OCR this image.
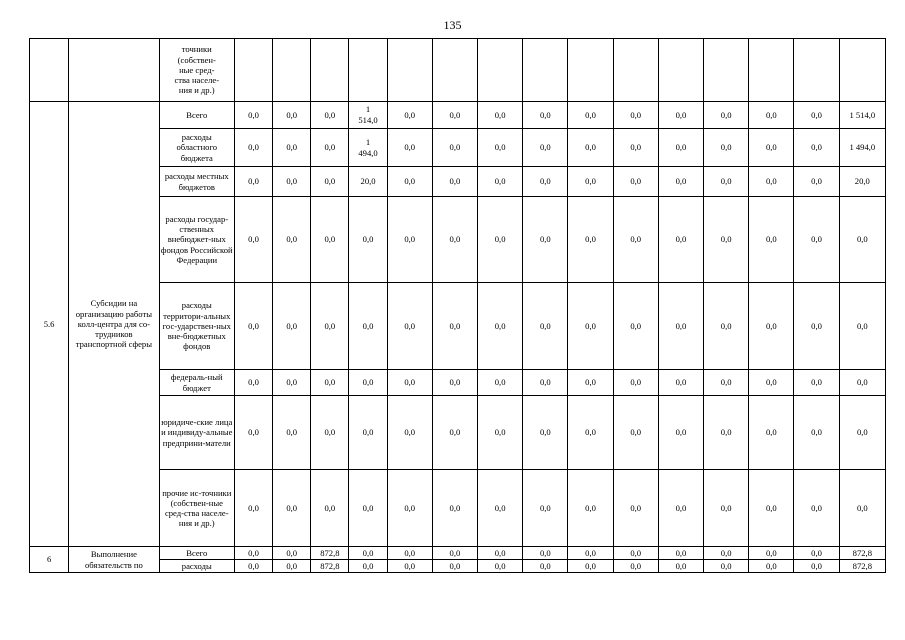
135
		точники
(собствен-
ные сред-
ства населе-
ния и др.)															
5.6	Субсидии на организацию работы колл-центра для со-трудников транспортной сферы	Всего	0,0	0,0	0,0	1 514,0	0,0	0,0	0,0	0,0	0,0	0,0	0,0	0,0	0,0	0,0	1 514,0
		расходы областного бюджета	0,0	0,0	0,0	1 494,0	0,0	0,0	0,0	0,0	0,0	0,0	0,0	0,0	0,0	0,0	1 494,0
		расходы местных бюджетов	0,0	0,0	0,0	20,0	0,0	0,0	0,0	0,0	0,0	0,0	0,0	0,0	0,0	0,0	20,0
		расходы государ-ственных внебюджет-ных фондов Российской Федерации	0,0	0,0	0,0	0,0	0,0	0,0	0,0	0,0	0,0	0,0	0,0	0,0	0,0	0,0	0,0
		расходы территори-альных гос-ударствен-ных вне-бюджетных фондов	0,0	0,0	0,0	0,0	0,0	0,0	0,0	0,0	0,0	0,0	0,0	0,0	0,0	0,0	0,0
		федераль-ный бюджет	0,0	0,0	0,0	0,0	0,0	0,0	0,0	0,0	0,0	0,0	0,0	0,0	0,0	0,0	0,0
		юридиче-ские лица и индивиду-альные предприни-матели	0,0	0,0	0,0	0,0	0,0	0,0	0,0	0,0	0,0	0,0	0,0	0,0	0,0	0,0	0,0
		прочие ис-точники (собствен-ные сред-ства населе-ния и др.)	0,0	0,0	0,0	0,0	0,0	0,0	0,0	0,0	0,0	0,0	0,0	0,0	0,0	0,0	0,0
6	Выполнение обязательств по	Всего	0,0	0,0	872,8	0,0	0,0	0,0	0,0	0,0	0,0	0,0	0,0	0,0	0,0	0,0	872,8
		расходы	0,0	0,0	872,8	0,0	0,0	0,0	0,0	0,0	0,0	0,0	0,0	0,0	0,0	0,0	872,8
